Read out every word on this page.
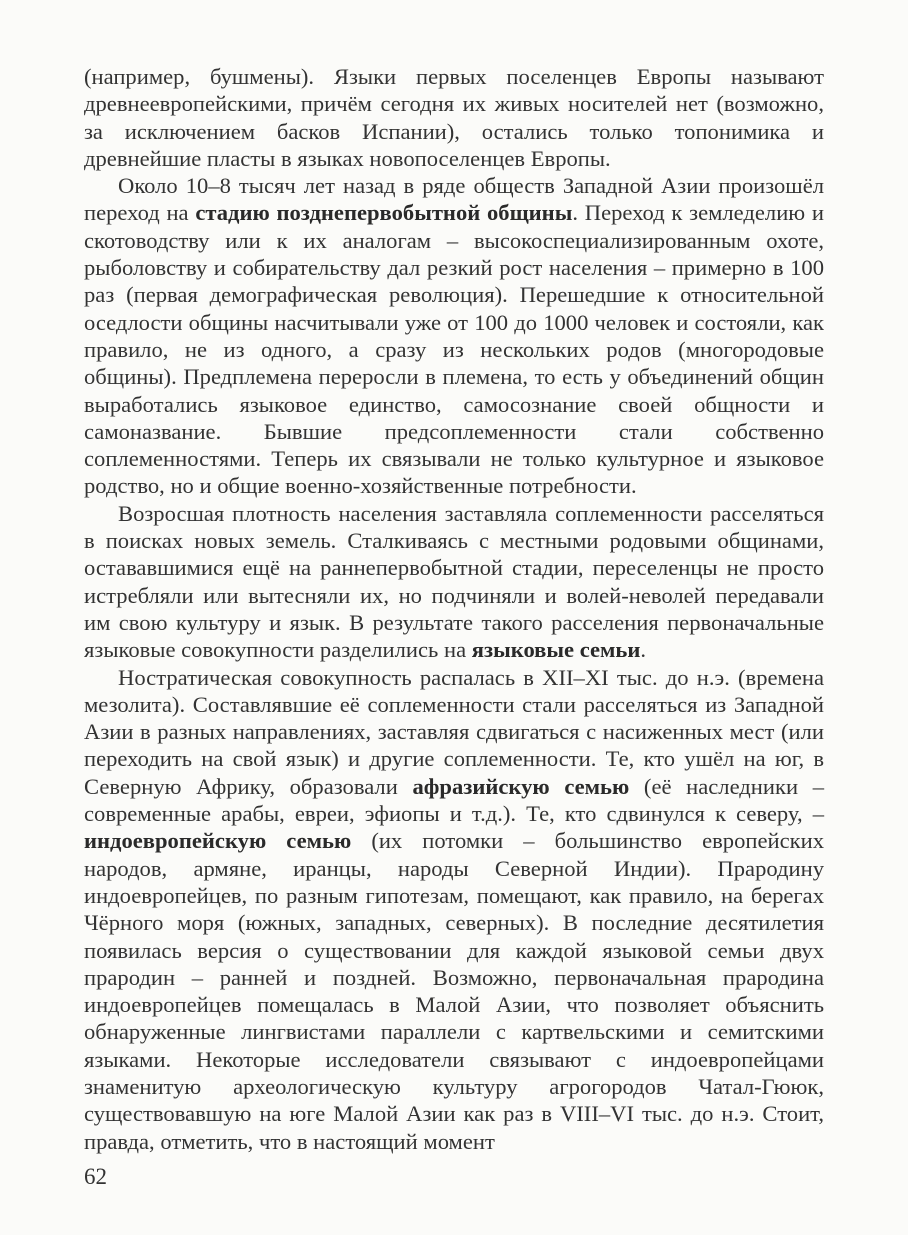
(например, бушмены). Языки первых поселенцев Европы называют древнеевропейскими, причём сегодня их живых носителей нет (возможно, за исключением басков Испании), остались только топонимика и древнейшие пласты в языках новопоселенцев Европы.

Около 10–8 тысяч лет назад в ряде обществ Западной Азии произошёл переход на стадию позднепервобытной общины. Переход к земледелию и скотоводству или к их аналогам – высокоспециализированным охоте, рыболовству и собирательству дал резкий рост населения – примерно в 100 раз (первая демографическая революция). Перешедшие к относительной оседлости общины насчитывали уже от 100 до 1000 человек и состояли, как правило, не из одного, а сразу из нескольких родов (многородовые общины). Предплемена переросли в племена, то есть у объединений общин выработались языковое единство, самосознание своей общности и самоназвание. Бывшие предсоплеменности стали собственно соплеменностями. Теперь их связывали не только культурное и языковое родство, но и общие военно-хозяйственные потребности.

Возросшая плотность населения заставляла соплеменности расселяться в поисках новых земель. Сталкиваясь с местными родовыми общинами, остававшимися ещё на раннепервобытной стадии, переселенцы не просто истребляли или вытесняли их, но подчиняли и волей-неволей передавали им свою культуру и язык. В результате такого расселения первоначальные языковые совокупности разделились на языковые семьи.

Ностратическая совокупность распалась в XII–XI тыс. до н.э. (времена мезолита). Составлявшие её соплеменности стали расселяться из Западной Азии в разных направлениях, заставляя сдвигаться с насиженных мест (или переходить на свой язык) и другие соплеменности. Те, кто ушёл на юг, в Северную Африку, образовали афразийскую семью (её наследники – современные арабы, евреи, эфиопы и т.д.). Те, кто сдвинулся к северу, – индоевропейскую семью (их потомки – большинство европейских народов, армяне, иранцы, народы Северной Индии). Прародину индоевропейцев, по разным гипотезам, помещают, как правило, на берегах Чёрного моря (южных, западных, северных). В последние десятилетия появилась версия о существовании для каждой языковой семьи двух прародин – ранней и поздней. Возможно, первоначальная прародина индоевропейцев помещалась в Малой Азии, что позволяет объяснить обнаруженные лингвистами параллели с картвельскими и семитскими языками. Некоторые исследователи связывают с индоевропейцами знаменитую археологическую культуру агрогородов Чатал-Гююк, существовавшую на юге Малой Азии как раз в VIII–VI тыс. до н.э. Стоит, правда, отметить, что в настоящий момент

62
